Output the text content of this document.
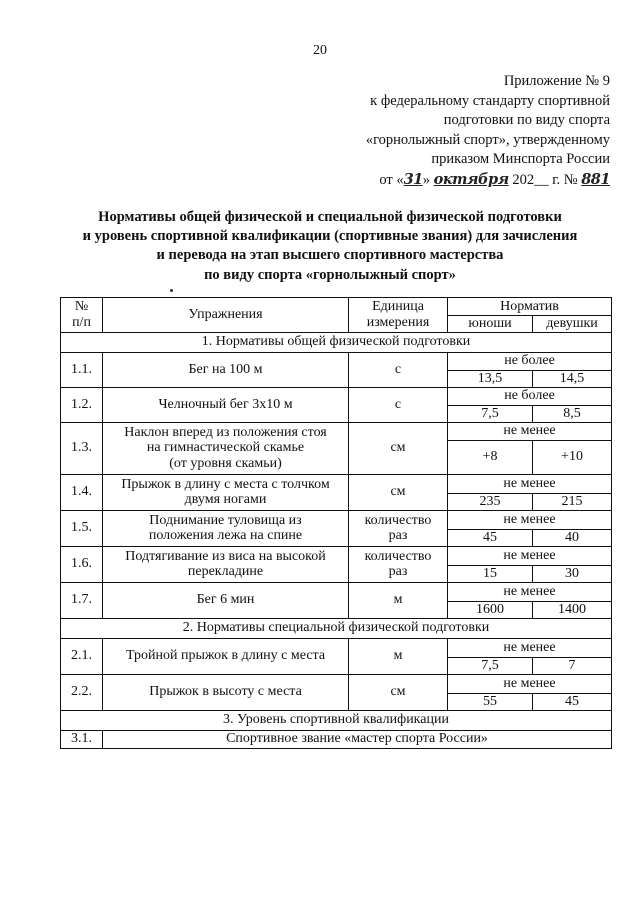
20
Приложение № 9
к федеральному стандарту спортивной
подготовки по виду спорта
«горнолыжный спорт», утвержденному
приказом Минспорта России
от «31» октября 202__ г. № 881
Нормативы общей физической и специальной физической подготовки
и уровень спортивной квалификации (спортивные звания) для зачисления
и перевода на этап высшего спортивного мастерства
по виду спорта «горнолыжный спорт»
№
п/п	Упражнения	Единица
измерения	Норматив	
			юноши	девушки
1. Нормативы общей физической подготовки				
1.1.	Бег на 100 м	с	не более	
			13,5	14,5
1.2.	Челночный бег 3х10 м	с	не более	
			7,5	8,5
1.3.	Наклон вперед из положения стоя
на гимнастической скамье
(от уровня скамьи)	см	не менее	
			+8	+10
1.4.	Прыжок в длину с места с толчком
двумя ногами	см	не менее	
			235	215
1.5.	Поднимание туловища из
положения лежа на спине	количество
раз	не менее	
			45	40
1.6.	Подтягивание из виса на высокой
перекладине	количество
раз	не менее	
			15	30
1.7.	Бег 6 мин	м	не менее	
			1600	1400
2. Нормативы специальной физической подготовки				
2.1.	Тройной прыжок в длину с места	м	не менее	
			7,5	7
2.2.	Прыжок в высоту с места	см	не менее	
			55	45
3. Уровень спортивной квалификации				
3.1.	Спортивное звание «мастер спорта России»			
